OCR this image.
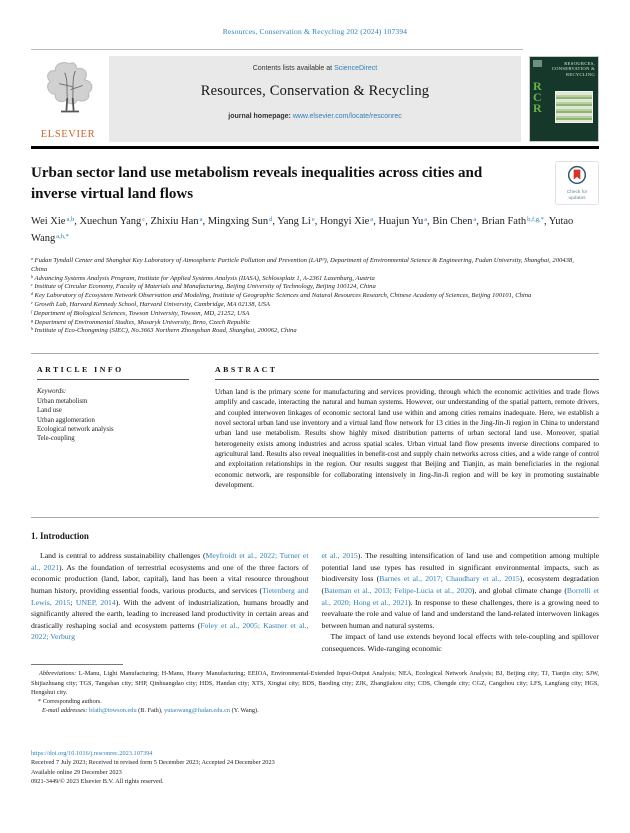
Resources, Conservation & Recycling 202 (2024) 107394
ELSEVIER
Contents lists available at ScienceDirect
Resources, Conservation & Recycling
journal homepage: www.elsevier.com/locate/resconrec
RESOURCES, CONSERVATION & RECYCLING
RCR
Urban sector land use metabolism reveals inequalities across cities and inverse virtual land flows	Check for
updates
Wei Xie$^{a,b}$, Xuechun Yang$^c$, Zhixiu Han$^a$, Mingxing Sun$^d$, Yang Li$^e$, Hongyi Xie$^a$, Huajun Yu$^a$, Bin Chen$^a$, Brian Fath$^{b,f,g,*}$, Yutao Wang$^{a,h,*}$
$^a$ Fudan Tyndall Center and Shanghai Key Laboratory of Atmospheric Particle Pollution and Prevention (LAP³), Department of Environmental Science & Engineering, Fudan University, Shanghai, 200438, China
$^b$ Advancing Systems Analysis Program, Institute for Applied Systems Analysis (IIASA), Schlossplatz 1, A-2361 Laxenburg, Austria
$^c$ Institute of Circular Economy, Faculty of Materials and Manufacturing, Beijing University of Technology, Beijing 100124, China
$^d$ Key Laboratory of Ecosystem Network Observation and Modeling, Institute of Geographic Sciences and Natural Resources Research, Chinese Academy of Sciences, Beijing 100101, China
$^e$ Growth Lab, Harvard Kennedy School, Harvard University, Cambridge, MA 02138, USA
$^f$ Department of Biological Sciences, Towson University, Towson, MD, 21252, USA
$^g$ Department of Environmental Studies, Masaryk University, Brno, Czech Republic
$^h$ Institute of Eco-Chongming (SIEC), No.3663 Northern Zhongshan Road, Shanghai, 200062, China
ARTICLE INFO
Keywords:
Urban metabolism
Land use
Urban agglomeration
Ecological network analysis
Tele-coupling
ABSTRACT
Urban land is the primary scene for manufacturing and services providing, through which the economic activities and trade flows amplify and cascade, interacting the natural and human systems. However, our understanding of the spatial pattern, remote drivers, and coupled interwoven linkages of economic sectoral land use within and among cities remains inadequate. Here, we establish a novel sectoral urban land use inventory and a virtual land flow network for 13 cities in the Jing-Jin-Ji region in China to understand urban land use metabolism. Results show highly mixed distribution patterns of urban sectoral land use. Moreover, spatial heterogeneity exists among industries and across spatial scales. Urban virtual land flow presents inverse directions compared to agricultural land. Results also reveal inequalities in benefit-cost and supply chain networks across cities, and a wide range of control and exploitation relationships in the region. Our results suggest that Beijing and Tianjin, as main beneficiaries in the regional economic network, are responsible for collaborating intensively in Jing-Jin-Ji region and will be key in promoting sustainable development.
1. Introduction

Land is central to address sustainability challenges (Meyfroidt et al., 2022; Turner et al., 2021). As the foundation of terrestrial ecosystems and one of the three factors of economic production (land, labor, capital), land has been a vital resource throughout human history, providing essential foods, various products, and services (Tietenberg and Lewis, 2015; UNEP, 2014). With the advent of industrialization, humans broadly and significantly altered the earth, leading to increased land productivity in certain areas and drastically reshaping social and ecosystem patterns (Foley et al., 2005; Kastner et al., 2022; Verburg

et al., 2015). The resulting intensification of land use and competition among multiple potential land use types has resulted in significant environmental impacts, such as biodiversity loss (Barnes et al., 2017; Chaudhary et al., 2015), ecosystem degradation (Bateman et al., 2013; Felipe-Lucia et al., 2020), and global climate change (Borrelli et al., 2020; Hong et al., 2021). In response to these challenges, there is a growing need to reevaluate the role and value of land and understand the land-related interwoven linkages between human and natural systems.

The impact of land use extends beyond local effects with tele-coupling and spillover consequences. Wide-ranging economic

Abbreviations: L-Manu, Light Manufacturing; H-Manu, Heavy Manufacturing; EEIOA, Environmental-Extended Input-Output Analysis; NEA, Ecological Network Analysis; BJ, Beijing city; TJ, Tianjin city; SJW, Shijiazhuang city; TGS, Tangshan city; SHP, Qinhuangdao city; HDS, Handan city; XTS, Xingtai city; BDS, Baoding city; ZJK, Zhangjiakou city; CDS, Chengde city; CGZ, Cangzhou city; LFS, Langfang city; HGS, Hengshui city.
* Corresponding authors.
E-mail addresses: bfath@towson.edu (B. Fath), yutaowang@fudan.edu.cn (Y. Wang).
https://doi.org/10.1016/j.resconrec.2023.107394
Received 7 July 2023; Received in revised form 5 December 2023; Accepted 24 December 2023
Available online 29 December 2023
0921-3449/© 2023 Elsevier B.V. All rights reserved.
